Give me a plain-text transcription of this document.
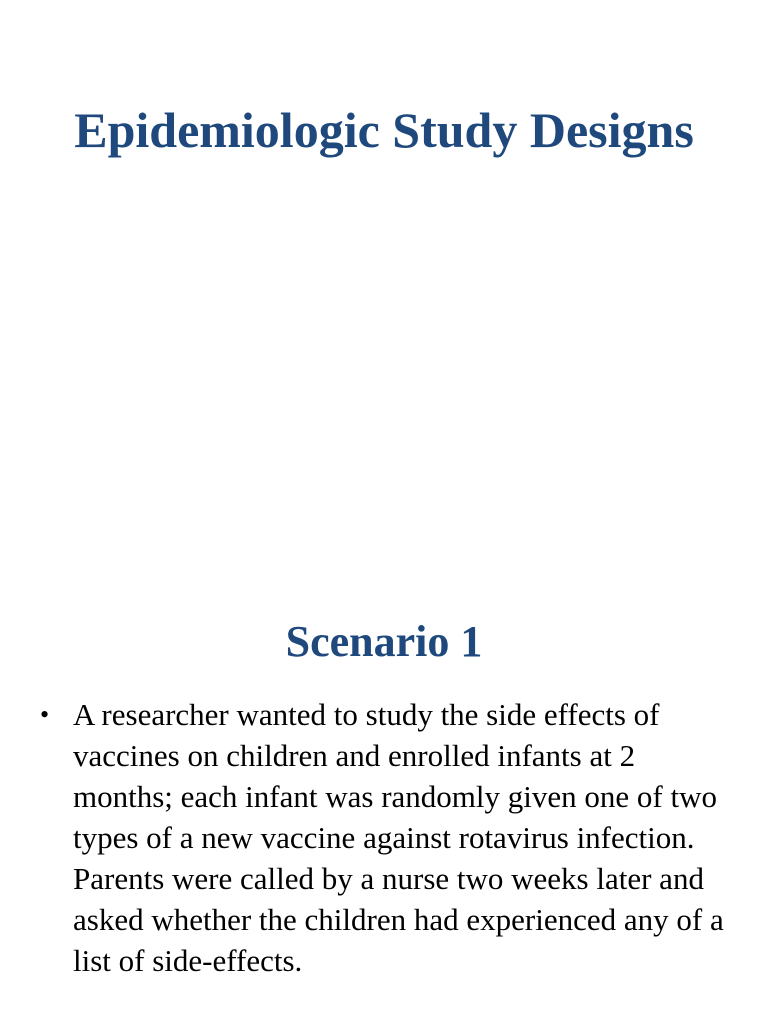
Epidemiologic Study Designs
Scenario 1
• A researcher wanted to study the side effects of vaccines on children and enrolled infants at 2 months; each infant was randomly given one of two types of a new vaccine against rotavirus infection. Parents were called by a nurse two weeks later and asked whether the children had experienced any of a list of side-effects.
